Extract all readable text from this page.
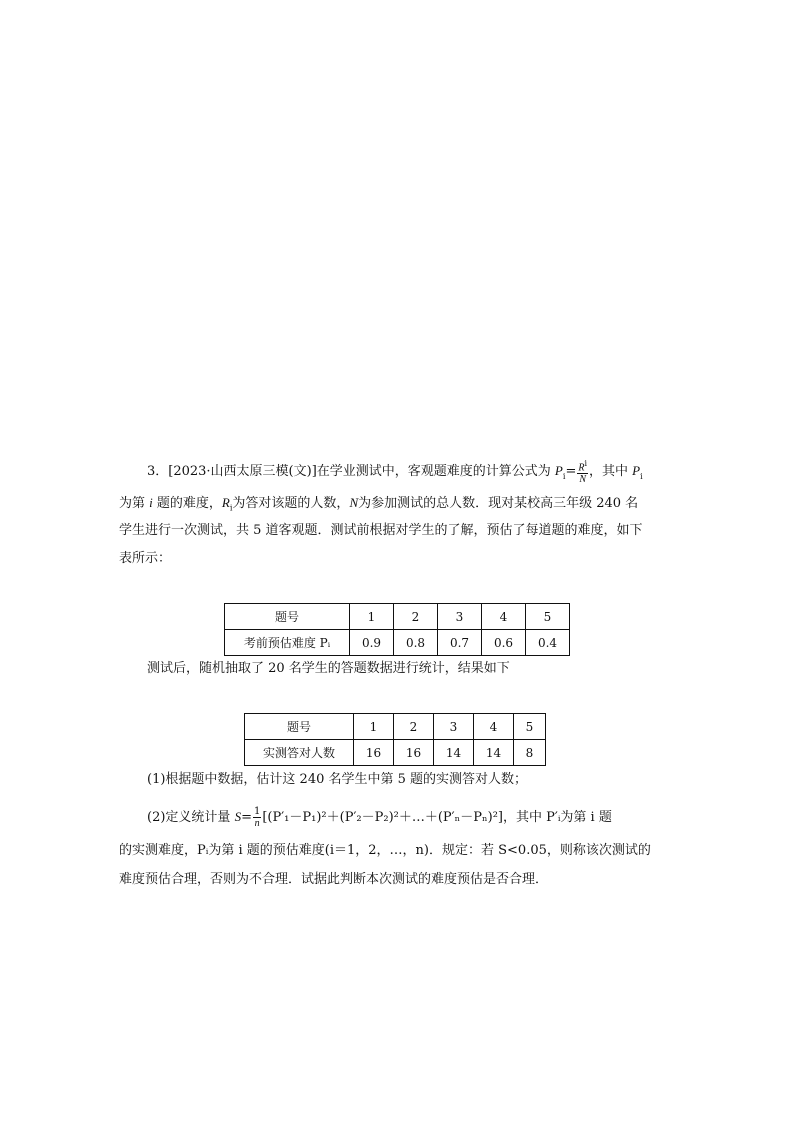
3．[2023·山西太原三模(文)]在学业测试中，客观题难度的计算公式为 $P_i= \frac{R^i}{N}$ ，其中 $P_i$
为第 i 题的难度，$R_i$为答对该题的人数，N为参加测试的总人数．现对某校高三年级 240 名
学生进行一次测试，共 5 道客观题．测试前根据对学生的了解，预估了每道题的难度，如下
表所示：
题号	1	2	3	4	5
考前预估难度 Pᵢ	0.9	0.8	0.7	0.6	0.4
测试后，随机抽取了 20 名学生的答题数据进行统计，结果如下
题号	1	2	3	4	5
实测答对人数	16	16	14	14	8
(1)根据题中数据，估计这 240 名学生中第 5 题的实测答对人数；
(2)定义统计量 $S= \frac{1}{n}$ [(P′₁－P₁)²＋(P′₂－P₂)²＋…＋(P′ₙ－Pₙ)²]，其中 P′ᵢ为第 i 题
的实测难度，Pᵢ为第 i 题的预估难度(i＝1，2，…，n)．规定：若 S<0.05，则称该次测试的
难度预估合理，否则为不合理．试据此判断本次测试的难度预估是否合理．
